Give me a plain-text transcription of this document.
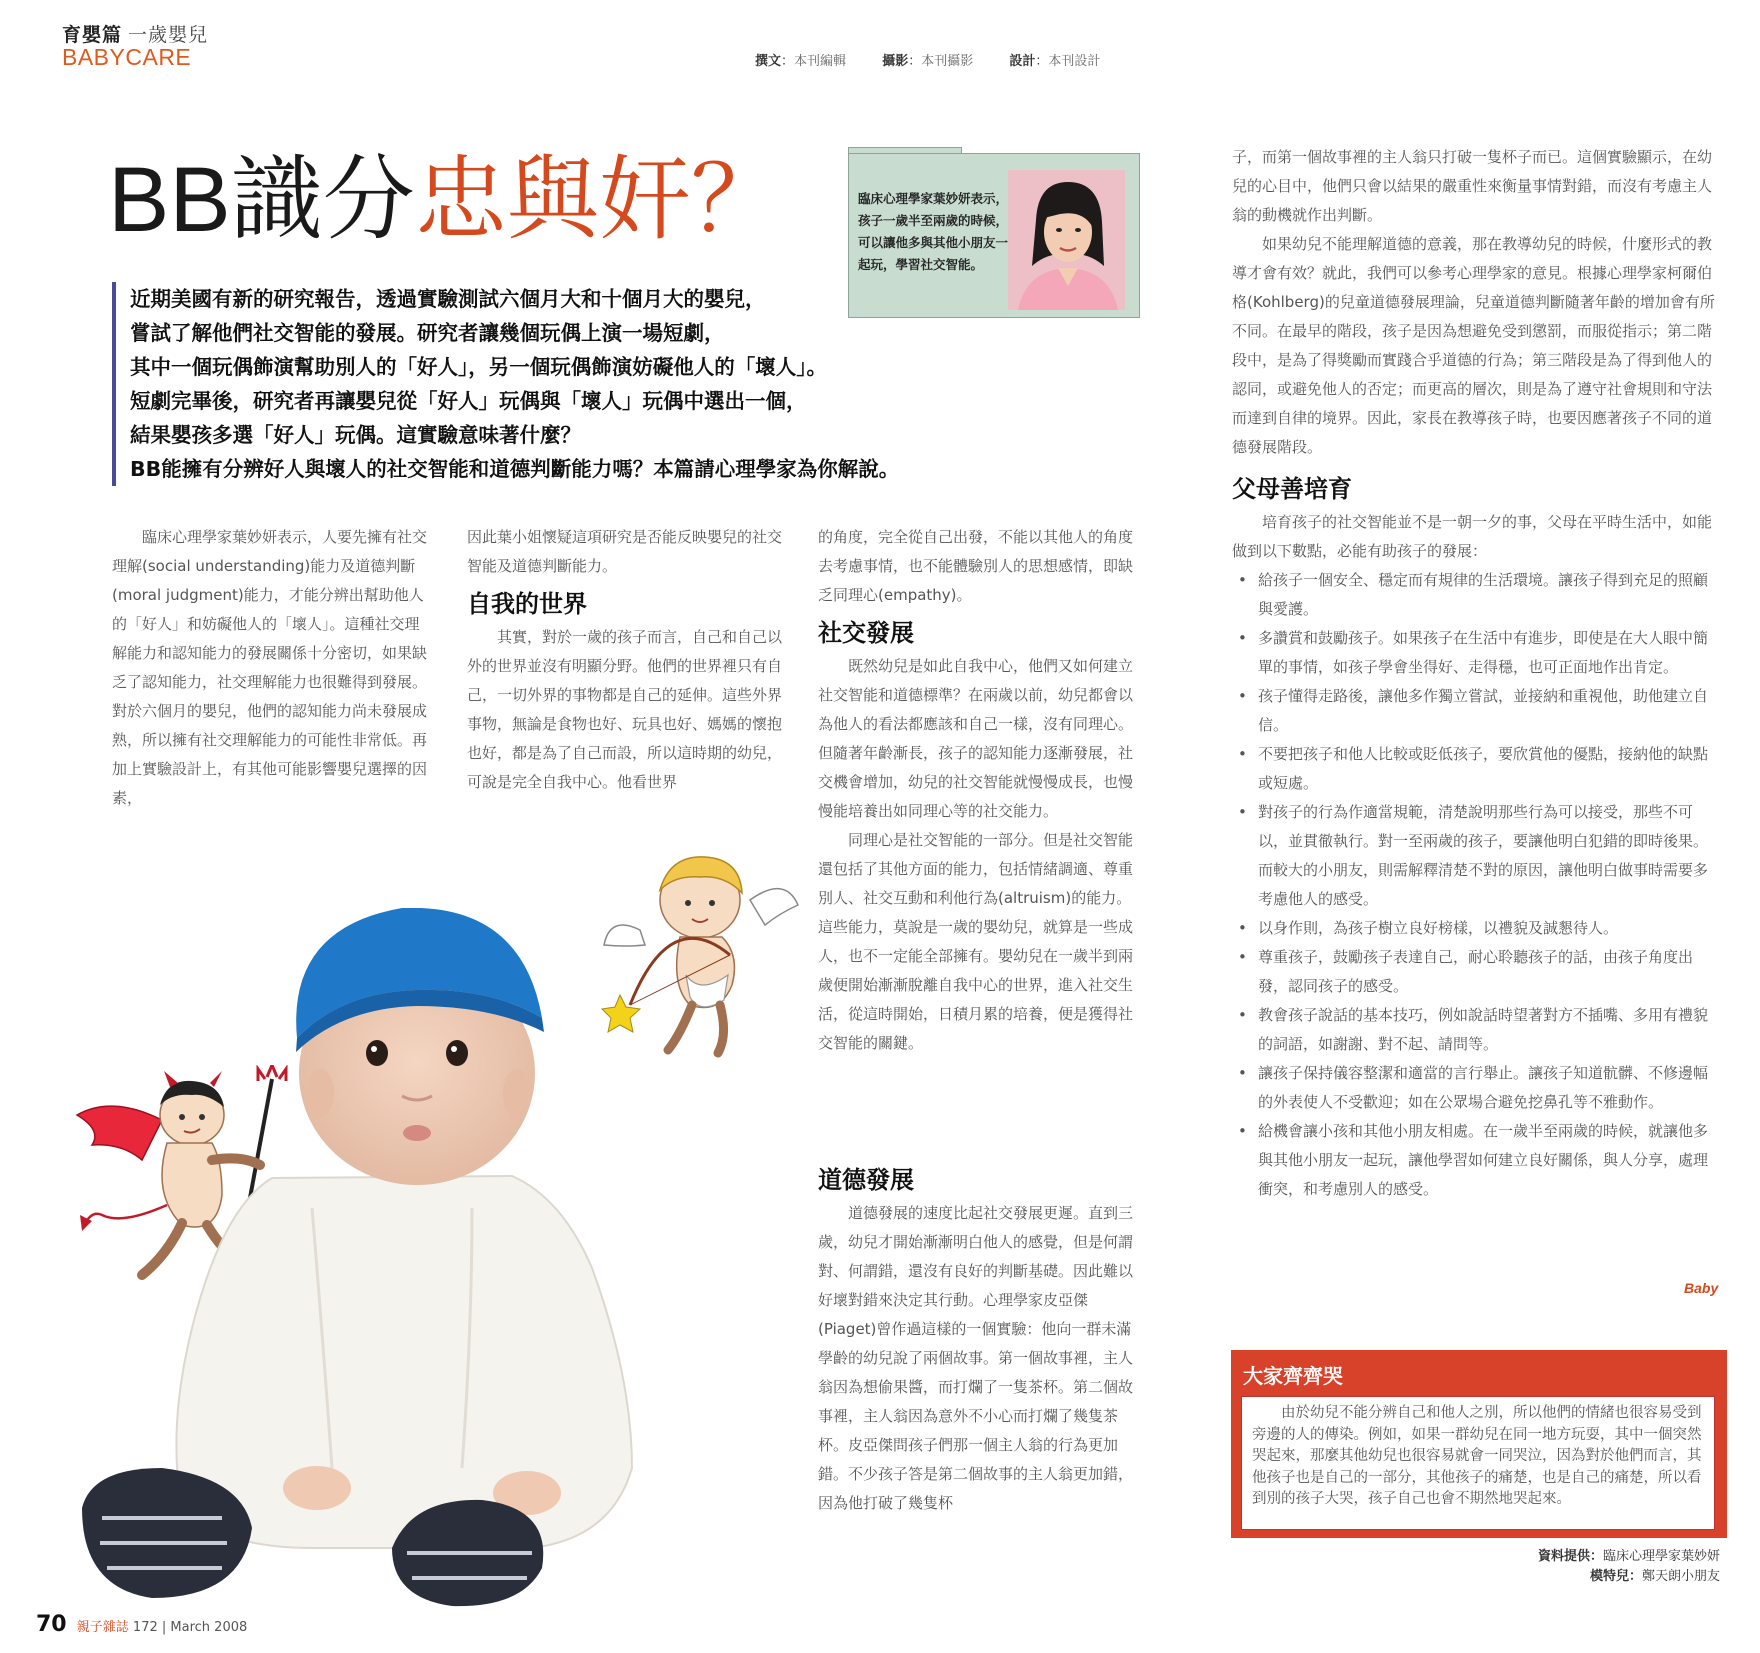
育嬰篇 一歲嬰兒
BABYCARE	撰文：本刊編輯	攝影：本刊攝影	設計：本刊設計
BB識分忠與奸？	臨床心理學家葉妙妍表示，孩子一歲半至兩歲的時候，可以讓他多與其他小朋友一起玩，學習社交智能。

近期美國有新的研究報告，透過實驗測試六個月大和十個月大的嬰兒，

嘗試了解他們社交智能的發展。研究者讓幾個玩偶上演一場短劇，

其中一個玩偶飾演幫助別人的「好人」，另一個玩偶飾演妨礙他人的「壞人」。

短劇完畢後，研究者再讓嬰兒從「好人」玩偶與「壞人」玩偶中選出一個，

結果嬰孩多選「好人」玩偶。這實驗意味著什麼？

BB能擁有分辨好人與壞人的社交智能和道德判斷能力嗎？本篇請心理學家為你解說。

臨床心理學家葉妙妍表示，人要先擁有社交理解(social understanding)能力及道德判斷(moral judgment)能力，才能分辨出幫助他人的「好人」和妨礙他人的「壞人」。這種社交理解能力和認知能力的發展關係十分密切，如果缺乏了認知能力，社交理解能力也很難得到發展。對於六個月的嬰兒，他們的認知能力尚未發展成熟，所以擁有社交理解能力的可能性非常低。再加上實驗設計上，有其他可能影響嬰兒選擇的因素，

因此葉小姐懷疑這項研究是否能反映嬰兒的社交智能及道德判斷能力。

自我的世界

其實，對於一歲的孩子而言，自己和自己以外的世界並沒有明顯分野。他們的世界裡只有自己，一切外界的事物都是自己的延伸。這些外界事物，無論是食物也好、玩具也好、媽媽的懷抱也好，都是為了自己而設，所以這時期的幼兒，可說是完全自我中心。他看世界

的角度，完全從自己出發，不能以其他人的角度去考慮事情，也不能體驗別人的思想感情，即缺乏同理心(empathy)。

社交發展

既然幼兒是如此自我中心，他們又如何建立社交智能和道德標準？在兩歲以前，幼兒都會以為他人的看法都應該和自己一樣，沒有同理心。但隨著年齡漸長，孩子的認知能力逐漸發展，社交機會增加，幼兒的社交智能就慢慢成長，也慢慢能培養出如同理心等的社交能力。

同理心是社交智能的一部分。但是社交智能還包括了其他方面的能力，包括情緒調適、尊重別人、社交互動和利他行為(altruism)的能力。這些能力，莫說是一歲的嬰幼兒，就算是一些成人，也不一定能全部擁有。嬰幼兒在一歲半到兩歲便開始漸漸脫離自我中心的世界，進入社交生活，從這時開始，日積月累的培養，便是獲得社交智能的關鍵。

道德發展

道德發展的速度比起社交發展更遲。直到三歲，幼兒才開始漸漸明白他人的感覺，但是何謂對、何謂錯，還沒有良好的判斷基礎。因此難以好壞對錯來決定其行動。心理學家皮亞傑(Piaget)曾作過這樣的一個實驗：他向一群未滿學齡的幼兒說了兩個故事。第一個故事裡，主人翁因為想偷果醬，而打爛了一隻茶杯。第二個故事裡，主人翁因為意外不小心而打爛了幾隻茶杯。皮亞傑問孩子們那一個主人翁的行為更加錯。不少孩子答是第二個故事的主人翁更加錯，因為他打破了幾隻杯

子，而第一個故事裡的主人翁只打破一隻杯子而已。這個實驗顯示，在幼兒的心目中，他們只會以結果的嚴重性來衡量事情對錯，而沒有考慮主人翁的動機就作出判斷。

如果幼兒不能理解道德的意義，那在教導幼兒的時候，什麼形式的教導才會有效？就此，我們可以參考心理學家的意見。根據心理學家柯爾伯格(Kohlberg)的兒童道德發展理論，兒童道德判斷隨著年齡的增加會有所不同。在最早的階段，孩子是因為想避免受到懲罰，而服從指示；第二階段中，是為了得獎勵而實踐合乎道德的行為；第三階段是為了得到他人的認同，或避免他人的否定；而更高的層次，則是為了遵守社會規則和守法而達到自律的境界。因此，家長在教導孩子時，也要因應著孩子不同的道德發展階段。

父母善培育

培育孩子的社交智能並不是一朝一夕的事，父母在平時生活中，如能做到以下數點，必能有助孩子的發展：

• 給孩子一個安全、穩定而有規律的生活環境。讓孩子得到充足的照顧與愛護。
• 多讚賞和鼓勵孩子。如果孩子在生活中有進步，即使是在大人眼中簡單的事情，如孩子學會坐得好、走得穩，也可正面地作出肯定。
• 孩子懂得走路後，讓他多作獨立嘗試，並接納和重視他，助他建立自信。
• 不要把孩子和他人比較或貶低孩子，要欣賞他的優點，接納他的缺點或短處。
• 對孩子的行為作適當規範，清楚說明那些行為可以接受，那些不可以，並貫徹執行。對一至兩歲的孩子，要讓他明白犯錯的即時後果。而較大的小朋友，則需解釋清楚不對的原因，讓他明白做事時需要多考慮他人的感受。
• 以身作則，為孩子樹立良好榜樣，以禮貌及誠懇待人。
• 尊重孩子，鼓勵孩子表達自己，耐心聆聽孩子的話，由孩子角度出發，認同孩子的感受。
• 教會孩子說話的基本技巧，例如說話時望著對方不插嘴、多用有禮貌的詞語，如謝謝、對不起、請問等。
• 讓孩子保持儀容整潔和適當的言行舉止。讓孩子知道骯髒、不修邊幅的外表使人不受歡迎；如在公眾場合避免挖鼻孔等不雅動作。
• 給機會讓小孩和其他小朋友相處。在一歲半至兩歲的時候，就讓他多與其他小朋友一起玩，讓他學習如何建立良好關係，與人分享，處理衝突，和考慮別人的感受。
Baby
大家齊齊哭

由於幼兒不能分辨自己和他人之別，所以他們的情緒也很容易受到旁邊的人的傳染。例如，如果一群幼兒在同一地方玩耍，其中一個突然哭起來，那麼其他幼兒也很容易就會一同哭泣，因為對於他們而言，其他孩子也是自己的一部分，其他孩子的痛楚，也是自己的痛楚，所以看到別的孩子大哭，孩子自己也會不期然地哭起來。

資料提供：臨床心理學家葉妙妍
模特兒：鄭天朗小朋友
70 親子雜誌 172 | March 2008
